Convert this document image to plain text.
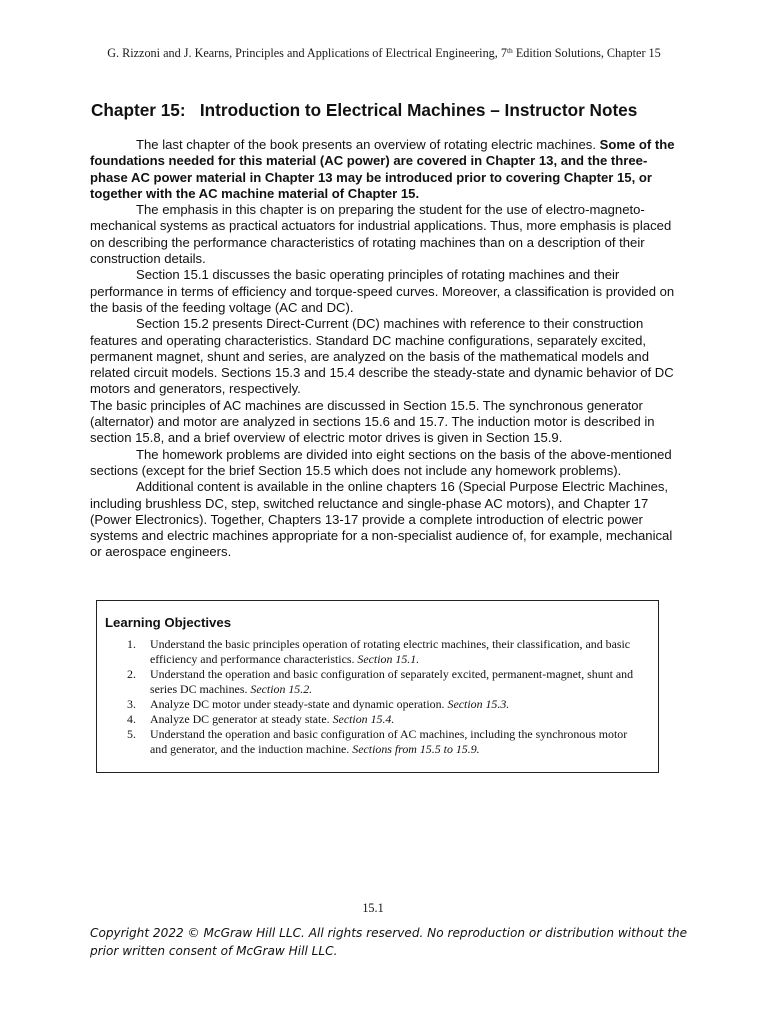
G. Rizzoni and J. Kearns, Principles and Applications of Electrical Engineering, 7th Edition Solutions, Chapter 15
Chapter 15:   Introduction to Electrical Machines – Instructor Notes

The last chapter of the book presents an overview of rotating electric machines. Some of the foundations needed for this material (AC power) are covered in Chapter 13, and the three-phase AC power material in Chapter 13 may be introduced prior to covering Chapter 15, or together with the AC machine material of Chapter 15.

The emphasis in this chapter is on preparing the student for the use of electro-magneto-mechanical systems as practical actuators for industrial applications. Thus, more emphasis is placed on describing the performance characteristics of rotating machines than on a description of their construction details.

Section 15.1 discusses the basic operating principles of rotating machines and their performance in terms of efficiency and torque-speed curves. Moreover, a classification is provided on the basis of the feeding voltage (AC and DC).

Section 15.2 presents Direct-Current (DC) machines with reference to their construction features and operating characteristics. Standard DC machine configurations, separately excited, permanent magnet, shunt and series, are analyzed on the basis of the mathematical models and related circuit models. Sections 15.3 and 15.4 describe the steady-state and dynamic behavior of DC motors and generators, respectively.

The basic principles of AC machines are discussed in Section 15.5. The synchronous generator (alternator) and motor are analyzed in sections 15.6 and 15.7. The induction motor is described in section 15.8, and a brief overview of electric motor drives is given in Section 15.9.

The homework problems are divided into eight sections on the basis of the above-mentioned sections (except for the brief Section 15.5 which does not include any homework problems).

Additional content is available in the online chapters 16 (Special Purpose Electric Machines, including brushless DC, step, switched reluctance and single-phase AC motors), and Chapter 17 (Power Electronics). Together, Chapters 13-17 provide a complete introduction of electric power systems and electric machines appropriate for a non-specialist audience of, for example, mechanical or aerospace engineers.

Learning Objectives
1. Understand the basic principles operation of rotating electric machines, their classification, and basic efficiency and performance characteristics. Section 15.1.
2. Understand the operation and basic configuration of separately excited, permanent-magnet, shunt and series DC machines. Section 15.2.
3. Analyze DC motor under steady-state and dynamic operation. Section 15.3.
4. Analyze DC generator at steady state. Section 15.4.
5. Understand the operation and basic configuration of AC machines, including the synchronous motor and generator, and the induction machine. Sections from 15.5 to 15.9.
15.1
Copyright 2022 © McGraw Hill LLC. All rights reserved. No reproduction or distribution without the prior written consent of McGraw Hill LLC.
